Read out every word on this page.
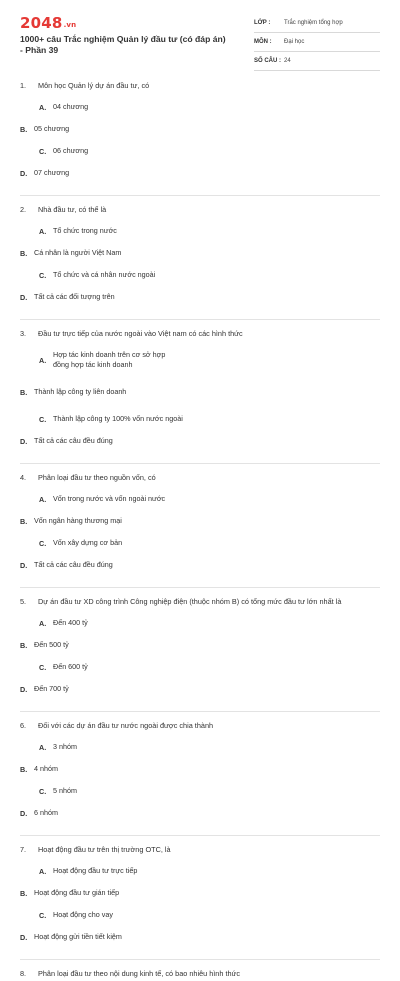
2048.vn
1000+ câu Trắc nghiệm Quản lý đầu tư (có đáp án) - Phần 39
LỚP :	Trắc nghiệm tổng hợp
MÔN :	Đại học
SỐ CÂU : 24
1. Môn học Quản lý dự án đầu tư, có
A. 04 chương
B. 05 chương
C. 06 chương
D. 07 chương
2. Nhà đầu tư, có thể là
A. Tổ chức trong nước
B. Cá nhân là người Việt Nam
C. Tổ chức và cá nhân nước ngoài
D. Tất cả các đối tượng trên
3. Đầu tư trực tiếp của nước ngoài vào Việt nam có các hình thức
A.
Hợp tác kinh doanh trên cơ sở hợp đồng hợp tác kinh doanh
B. Thành lập công ty liên doanh
C. Thành lập công ty 100% vốn nước ngoài
D. Tất cả các câu đều đúng
4. Phân loại đầu tư theo nguồn vốn, có
A. Vốn trong nước và vốn ngoài nước
B. Vốn ngân hàng thương mại
C. Vốn xây dựng cơ bản
D. Tất cả các câu đều đúng
5. Dự án đầu tư XD công trình Công nghiệp điện (thuộc nhóm B) có tổng mức đầu tư lớn nhất là
A. Đến 400 tỷ
B. Đến 500 tỷ
C. Đến 600 tỷ
D. Đến 700 tỷ
6. Đối với các dự án đầu tư nước ngoài được chia thành
A. 3 nhóm
B. 4 nhóm
C. 5 nhóm
D. 6 nhóm
7. Hoạt động đầu tư trên thị trường OTC, là
A. Hoạt động đầu tư trực tiếp
B. Hoạt động đầu tư gián tiếp
C. Hoạt động cho vay
D. Hoạt động gửi tiền tiết kiệm
8. Phân loại đầu tư theo nội dung kinh tế, có bao nhiêu hình thức
